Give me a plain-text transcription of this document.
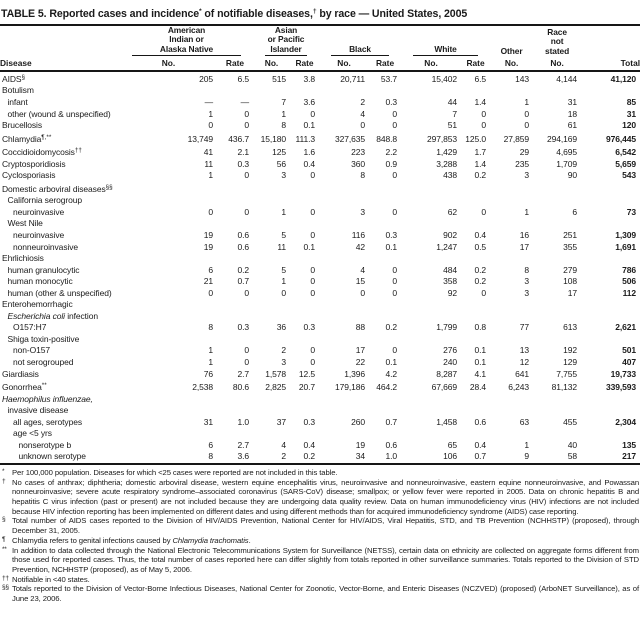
TABLE 5. Reported cases and incidence* of notifiable diseases,† by race — United States, 2005

	American
Indian or
Alaska Native		Asian
or Pacific
Islander		Black		White		Other	Race
not
stated	

Disease	No.	Rate	No.	Rate	No.	Rate	No.	Rate	No.	No.	Total
AIDS§	205	6.5	515	3.8	20,711	53.7	15,402	6.5	143	4,144	41,120
Botulism											
infant	—	—	7	3.6	2	0.3	44	1.4	1	31	85
other (wound & unspecified)	1	0	1	0	4	0	7	0	0	18	31
Brucellosis	0	0	8	0.1	0	0	51	0	0	61	120
Chlamydia¶,**	13,749	436.7	15,180	111.3	327,635	848.8	297,853	125.0	27,859	294,169	976,445
Coccidioidomycosis††	41	2.1	125	1.6	223	2.2	1,429	1.7	29	4,695	6,542
Cryptosporidiosis	11	0.3	56	0.4	360	0.9	3,288	1.4	235	1,709	5,659
Cyclosporiasis	1	0	3	0	8	0	438	0.2	3	90	543
Domestic arboviral diseases§§	
California serogroup											
neuroinvasive	0	0	1	0	3	0	62	0	1	6	73
West Nile											
neuroinvasive	19	0.6	5	0	116	0.3	902	0.4	16	251	1,309
nonneuroinvasive	19	0.6	11	0.1	42	0.1	1,247	0.5	17	355	1,691
Ehrlichiosis											
human granulocytic	6	0.2	5	0	4	0	484	0.2	8	279	786
human monocytic	21	0.7	1	0	15	0	358	0.2	3	108	506
human (other & unspecified)	0	0	0	0	0	0	92	0	3	17	112
Enterohemorrhagic											
Escherichia coli infection											
O157:H7	8	0.3	36	0.3	88	0.2	1,799	0.8	77	613	2,621
Shiga toxin-positive											
non-O157	1	0	2	0	17	0	276	0.1	13	192	501
not serogrouped	1	0	3	0	22	0.1	240	0.1	12	129	407
Giardiasis	76	2.7	1,578	12.5	1,396	4.2	8,287	4.1	641	7,755	19,733
Gonorrhea**	2,538	80.6	2,825	20.7	179,186	464.2	67,669	28.4	6,243	81,132	339,593
Haemophilus influenzae,											
invasive disease											
all ages, serotypes	31	1.0	37	0.3	260	0.7	1,458	0.6	63	455	2,304
age <5 yrs											
nonserotype b	6	2.7	4	0.4	19	0.6	65	0.4	1	40	135
unknown serotype	8	3.6	2	0.2	34	1.0	106	0.7	9	58	217
* Per 100,000 population. Diseases for which <25 cases were reported are not included in this table.
† No cases of anthrax; diphtheria; domestic arboviral disease, western equine encephalitis virus, neuroinvasive and nonneuroinvasive, eastern equine nonneuroinvasive, and Powassan nonneuroinvasive; severe acute respiratory syndrome–associated coronavirus (SARS-CoV) disease; smallpox; or yellow fever were reported in 2005. Data on chronic hepatitis B and hepatitis C virus infection (past or present) are not included because they are undergoing data quality review. Data on human immunodeficiency virus (HIV) infections are not included because HIV infection reporting has been implemented on different dates and using different methods than for acquired immunodeficiency syndrome (AIDS) case reporting.
§ Total number of AIDS cases reported to the Division of HIV/AIDS Prevention, National Center for HIV/AIDS, Viral Hepatitis, STD, and TB Prevention (NCHHSTP) (proposed), through December 31, 2005.
¶ Chlamydia refers to genital infections caused by Chlamydia trachomatis.
** In addition to data collected through the National Electronic Telecommunications System for Surveillance (NETSS), certain data on ethnicity are collected on aggregate forms different from those used for reported cases. Thus, the total number of cases reported here can differ slightly from totals reported in other surveillance summaries. Totals reported to the Division of STD Prevention, NCHHSTP (proposed), as of May 5, 2006.
†† Notifiable in <40 states.
§§ Totals reported to the Division of Vector-Borne Infectious Diseases, National Center for Zoonotic, Vector-Borne, and Enteric Diseases (NCZVED) (proposed) (ArboNET Surveillance), as of June 23, 2006.
